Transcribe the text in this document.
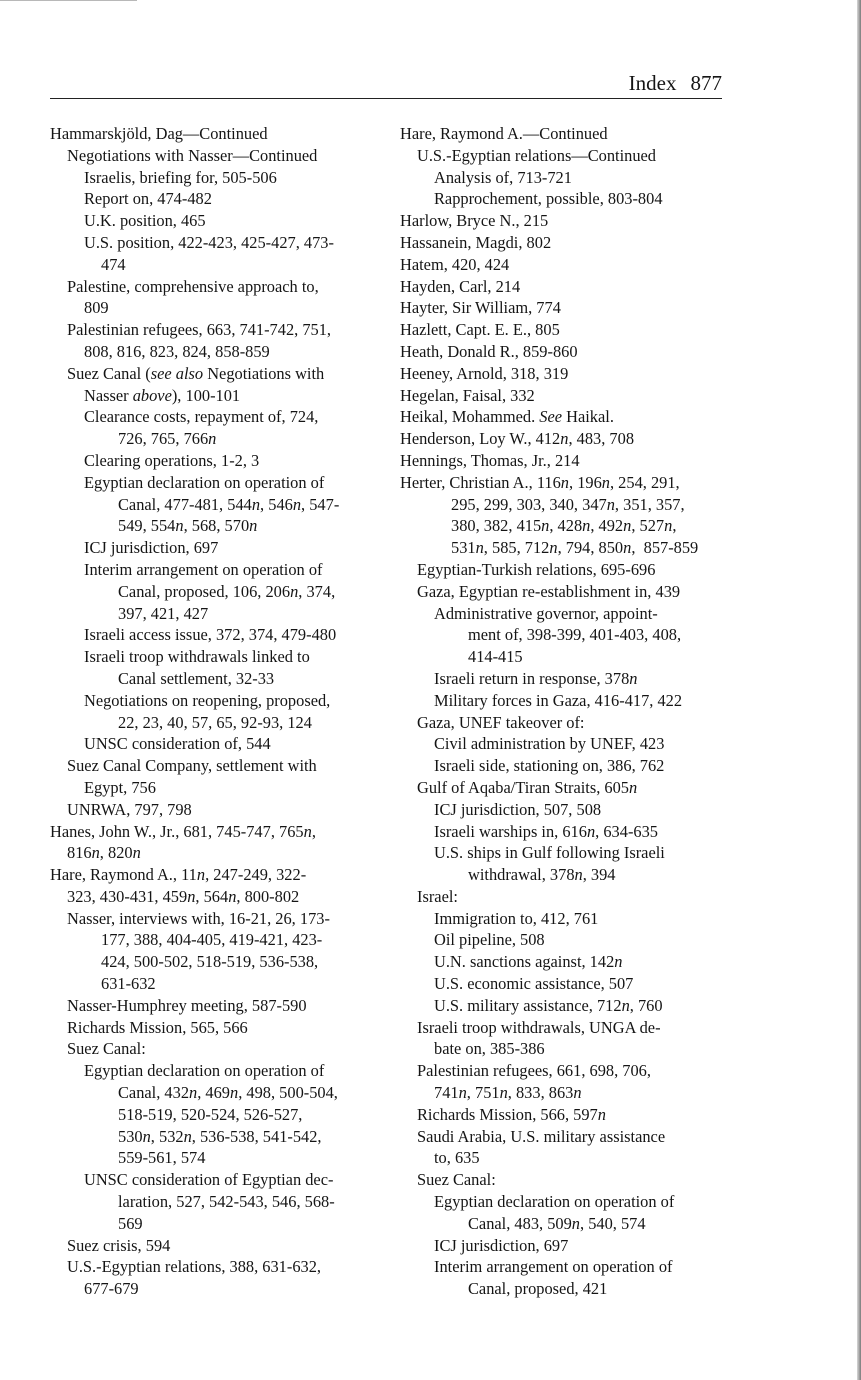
Index 877
Hammarskjöld, Dag—Continued
Negotiations with Nasser—Continued
Israelis, briefing for, 505-506
Report on, 474-482
U.K. position, 465
U.S. position, 422-423, 425-427, 473-
474
Palestine, comprehensive approach to,
809
Palestinian refugees, 663, 741-742, 751,
808, 816, 823, 824, 858-859
Suez Canal (see also Negotiations with
Nasser above), 100-101
Clearance costs, repayment of, 724,
726, 765, 766n
Clearing operations, 1-2, 3
Egyptian declaration on operation of
Canal, 477-481, 544n, 546n, 547-
549, 554n, 568, 570n
ICJ jurisdiction, 697
Interim arrangement on operation of
Canal, proposed, 106, 206n, 374,
397, 421, 427
Israeli access issue, 372, 374, 479-480
Israeli troop withdrawals linked to
Canal settlement, 32-33
Negotiations on reopening, proposed,
22, 23, 40, 57, 65, 92-93, 124
UNSC consideration of, 544
Suez Canal Company, settlement with
Egypt, 756
UNRWA, 797, 798
Hanes, John W., Jr., 681, 745-747, 765n,
816n, 820n
Hare, Raymond A., 11n, 247-249, 322-
323, 430-431, 459n, 564n, 800-802
Nasser, interviews with, 16-21, 26, 173-
177, 388, 404-405, 419-421, 423-
424, 500-502, 518-519, 536-538,
631-632
Nasser-Humphrey meeting, 587-590
Richards Mission, 565, 566
Suez Canal:
Egyptian declaration on operation of
Canal, 432n, 469n, 498, 500-504,
518-519, 520-524, 526-527,
530n, 532n, 536-538, 541-542,
559-561, 574
UNSC consideration of Egyptian dec-
laration, 527, 542-543, 546, 568-
569
Suez crisis, 594
U.S.-Egyptian relations, 388, 631-632,
677-679
Hare, Raymond A.—Continued
U.S.-Egyptian relations—Continued
Analysis of, 713-721
Rapprochement, possible, 803-804
Harlow, Bryce N., 215
Hassanein, Magdi, 802
Hatem, 420, 424
Hayden, Carl, 214
Hayter, Sir William, 774
Hazlett, Capt. E. E., 805
Heath, Donald R., 859-860
Heeney, Arnold, 318, 319
Hegelan, Faisal, 332
Heikal, Mohammed. See Haikal.
Henderson, Loy W., 412n, 483, 708
Hennings, Thomas, Jr., 214
Herter, Christian A., 116n, 196n, 254, 291,
295, 299, 303, 340, 347n, 351, 357,
380, 382, 415n, 428n, 492n, 527n,
531n, 585, 712n, 794, 850n,  857-859
Egyptian-Turkish relations, 695-696
Gaza, Egyptian re-establishment in, 439
Administrative governor, appoint-
ment of, 398-399, 401-403, 408,
414-415
Israeli return in response, 378n
Military forces in Gaza, 416-417, 422
Gaza, UNEF takeover of:
Civil administration by UNEF, 423
Israeli side, stationing on, 386, 762
Gulf of Aqaba/Tiran Straits, 605n
ICJ jurisdiction, 507, 508
Israeli warships in, 616n, 634-635
U.S. ships in Gulf following Israeli
withdrawal, 378n, 394
Israel:
Immigration to, 412, 761
Oil pipeline, 508
U.N. sanctions against, 142n
U.S. economic assistance, 507
U.S. military assistance, 712n, 760
Israeli troop withdrawals, UNGA de-
bate on, 385-386
Palestinian refugees, 661, 698, 706,
741n, 751n, 833, 863n
Richards Mission, 566, 597n
Saudi Arabia, U.S. military assistance
to, 635
Suez Canal:
Egyptian declaration on operation of
Canal, 483, 509n, 540, 574
ICJ jurisdiction, 697
Interim arrangement on operation of
Canal, proposed, 421
